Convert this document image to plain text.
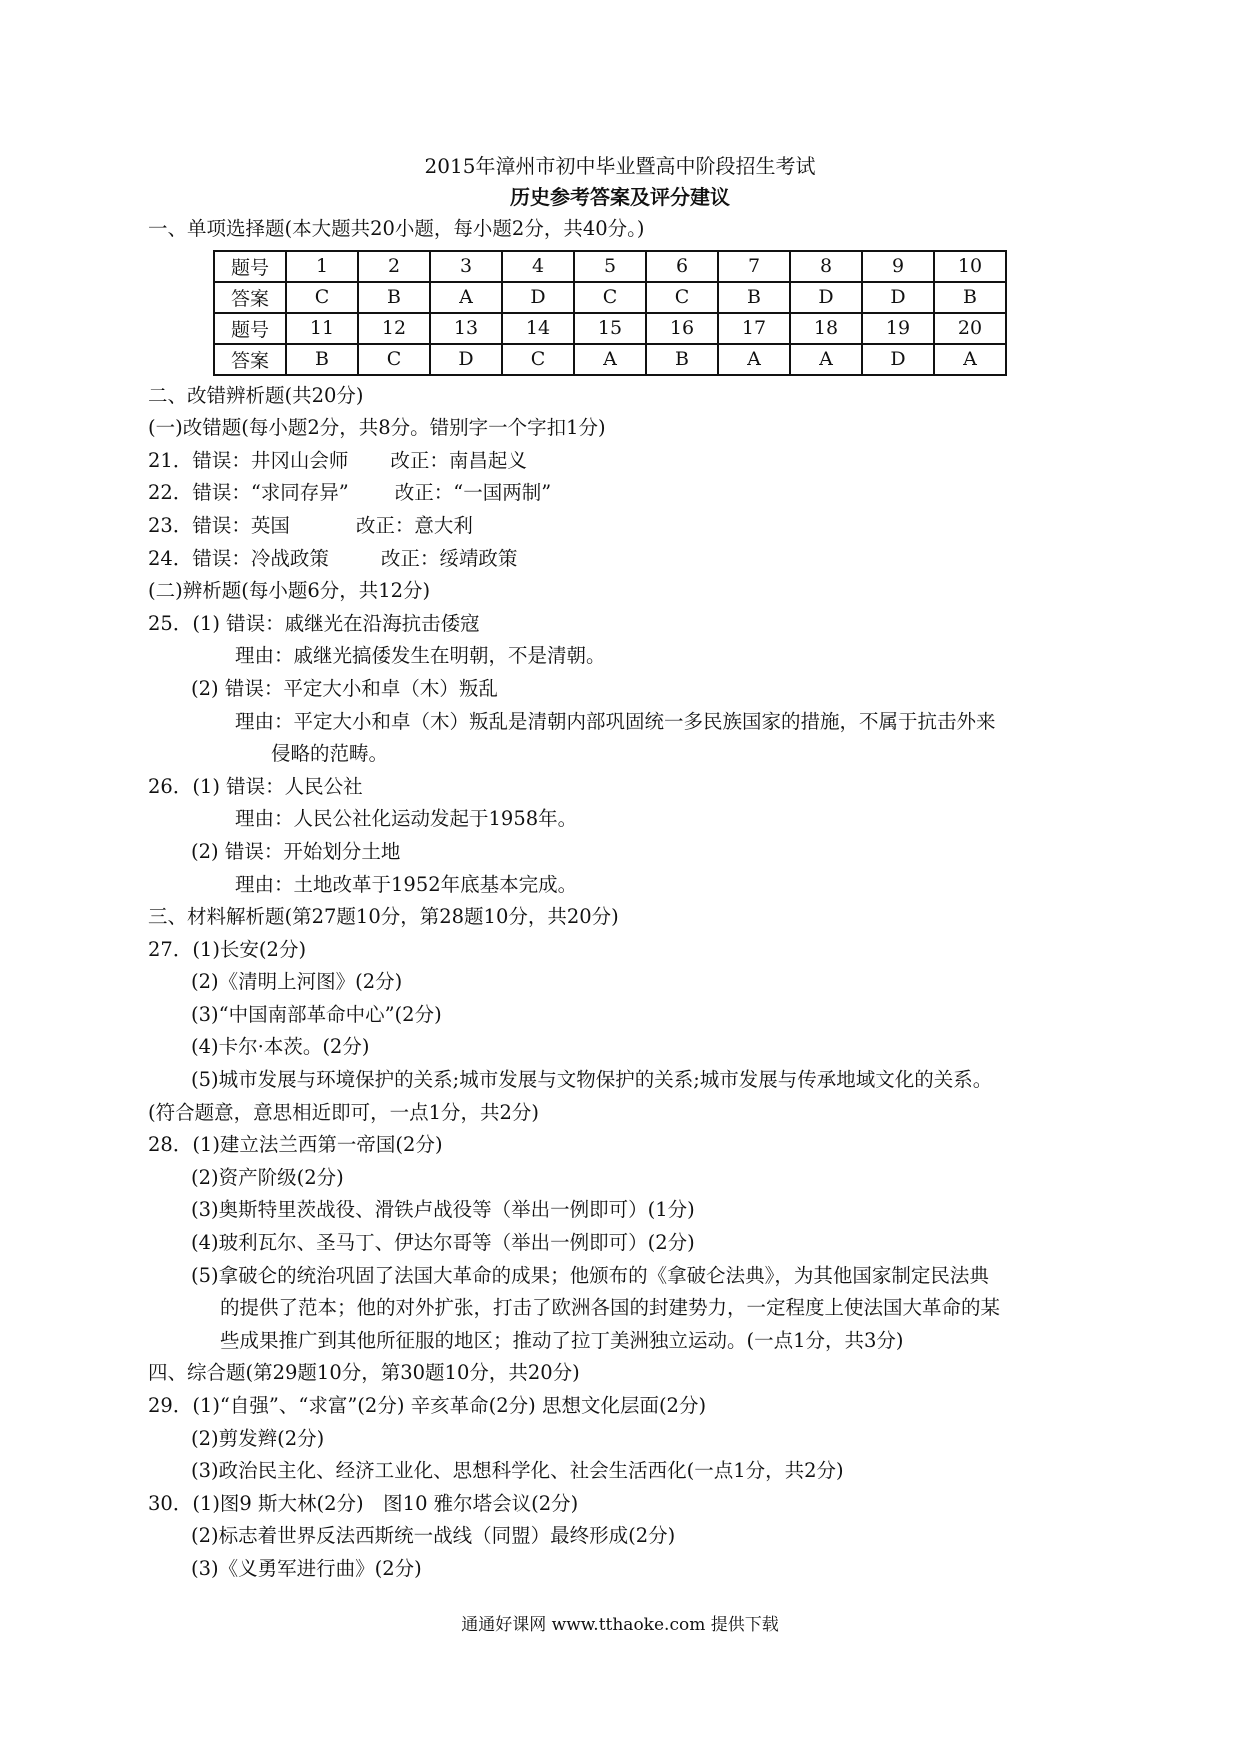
2015年漳州市初中毕业暨高中阶段招生考试
历史参考答案及评分建议
一、单项选择题(本大题共20小题，每小题2分，共40分。)
题号	1	2	3	4	5	6	7	8	9	10
答案	C	B	A	D	C	C	B	D	D	B
题号	11	12	13	14	15	16	17	18	19	20
答案	B	C	D	C	A	B	A	A	D	A
二、改错辨析题(共20分)
(一)改错题(每小题2分，共8分。错别字一个字扣1分)
21．错误：井冈山会师 改正：南昌起义
22．错误：“求同存异” 改正：“一国两制”
23．错误：英国	改正：意大利
24．错误：冷战政策	改正：绥靖政策
(二)辨析题(每小题6分，共12分)
25．(1) 错误：戚继光在沿海抗击倭寇
理由：戚继光搞倭发生在明朝，不是清朝。
(2) 错误：平定大小和卓（木）叛乱
理由：平定大小和卓（木）叛乱是清朝内部巩固统一多民族国家的措施，不属于抗击外来
侵略的范畴。
26．(1) 错误：人民公社
理由：人民公社化运动发起于1958年。
(2) 错误：开始划分土地
理由：土地改革于1952年底基本完成。
三、材料解析题(第27题10分，第28题10分，共20分)
27．(1)长安(2分)
(2)《清明上河图》(2分)
(3)“中国南部革命中心”(2分)
(4)卡尔·本茨。(2分)
(5)城市发展与环境保护的关系;城市发展与文物保护的关系;城市发展与传承地域文化的关系。
(符合题意，意思相近即可，一点1分，共2分)
28．(1)建立法兰西第一帝国(2分)
(2)资产阶级(2分)
(3)奥斯特里茨战役、滑铁卢战役等（举出一例即可）(1分)
(4)玻利瓦尔、圣马丁、伊达尔哥等（举出一例即可）(2分)
(5)拿破仑的统治巩固了法国大革命的成果；他颁布的《拿破仑法典》，为其他国家制定民法典
的提供了范本；他的对外扩张，打击了欧洲各国的封建势力，一定程度上使法国大革命的某
些成果推广到其他所征服的地区；推动了拉丁美洲独立运动。(一点1分，共3分)
四、综合题(第29题10分，第30题10分，共20分)
29．(1)“自强”、“求富”(2分) 辛亥革命(2分) 思想文化层面(2分)
(2)剪发辫(2分)
(3)政治民主化、经济工业化、思想科学化、社会生活西化(一点1分，共2分)
30．(1)图9 斯大林(2分)　图10 雅尔塔会议(2分)
(2)标志着世界反法西斯统一战线（同盟）最终形成(2分)
(3)《义勇军进行曲》(2分)
通通好课网 www.tthaoke.com 提供下载
